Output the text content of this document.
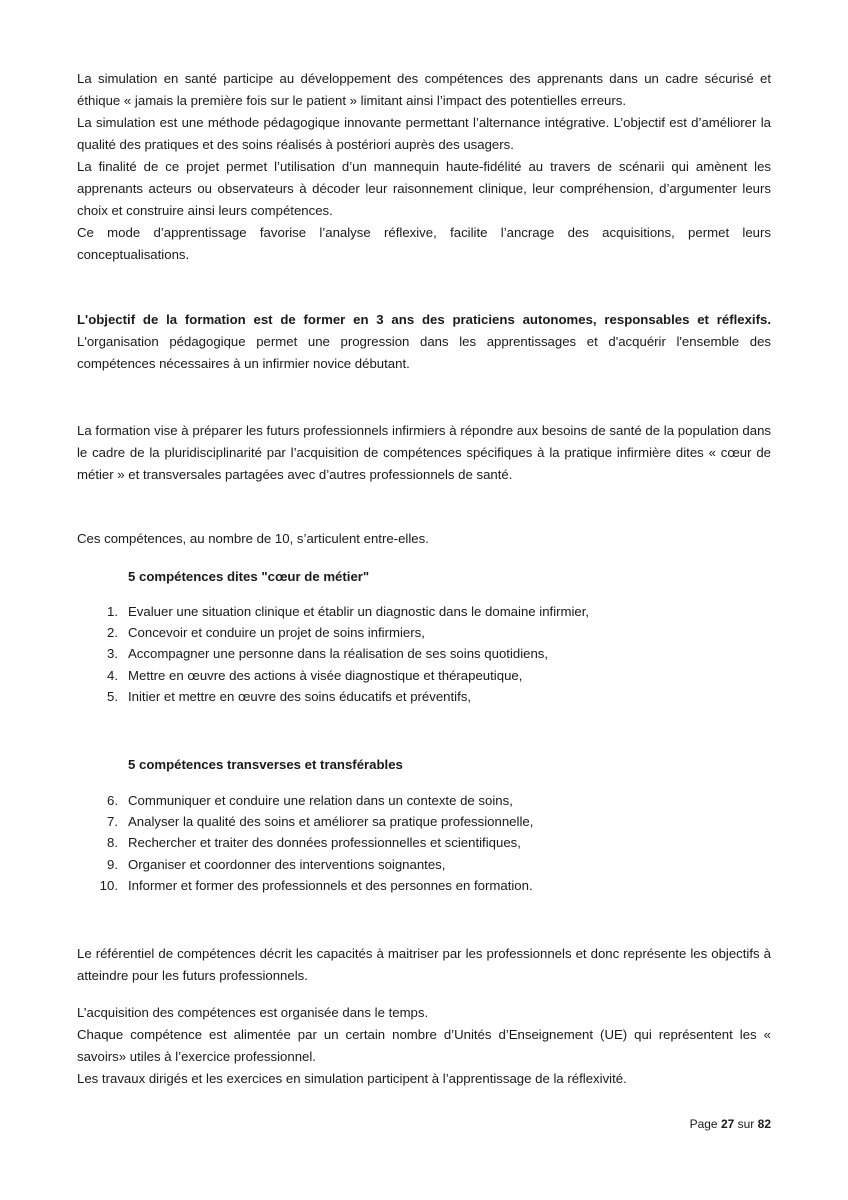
La simulation en santé participe au développement des compétences des apprenants dans un cadre sécurisé et éthique « jamais la première fois sur le patient » limitant ainsi l’impact des potentielles erreurs.

La simulation est une méthode pédagogique innovante permettant l’alternance intégrative. L’objectif est d’améliorer la qualité des pratiques et des soins réalisés à postériori auprès des usagers.

La finalité de ce projet permet l’utilisation d’un mannequin haute-fidélité au travers de scénarii qui amènent les apprenants acteurs ou observateurs à décoder leur raisonnement clinique, leur compréhension, d’argumenter leurs choix et construire ainsi leurs compétences.

Ce mode d’apprentissage favorise l’analyse réflexive, facilite l’ancrage des acquisitions, permet leurs conceptualisations.

L'objectif de la formation est de former en 3 ans des praticiens autonomes, responsables et réflexifs. L'organisation pédagogique permet une progression dans les apprentissages et d'acquérir l'ensemble des compétences nécessaires à un infirmier novice débutant.

La formation vise à préparer les futurs professionnels infirmiers à répondre aux besoins de santé de la population dans le cadre de la pluridisciplinarité par l’acquisition de compétences spécifiques à la pratique infirmière dites « cœur de métier » et transversales partagées avec d’autres professionnels de santé.

Ces compétences, au nombre de 10, s’articulent entre-elles.

5 compétences dites "cœur de métier"

1. Evaluer une situation clinique et établir un diagnostic dans le domaine infirmier,
2. Concevoir et conduire un projet de soins infirmiers,
3. Accompagner une personne dans la réalisation de ses soins quotidiens,
4. Mettre en œuvre des actions à visée diagnostique et thérapeutique,
5. Initier et mettre en œuvre des soins éducatifs et préventifs,

5 compétences transverses et transférables

6. Communiquer et conduire une relation dans un contexte de soins,
7. Analyser la qualité des soins et améliorer sa pratique professionnelle,
8. Rechercher et traiter des données professionnelles et scientifiques,
9. Organiser et coordonner des interventions soignantes,
10. Informer et former des professionnels et des personnes en formation.

Le référentiel de compétences décrit les capacités à maitriser par les professionnels et donc représente les objectifs à atteindre pour les futurs professionnels.

L’acquisition des compétences est organisée dans le temps.

Chaque compétence est alimentée par un certain nombre d’Unités d’Enseignement (UE) qui représentent les « savoirs» utiles à l’exercice professionnel.

Les travaux dirigés et les exercices en simulation participent à l’apprentissage de la réflexivité.

Page 27 sur 82
